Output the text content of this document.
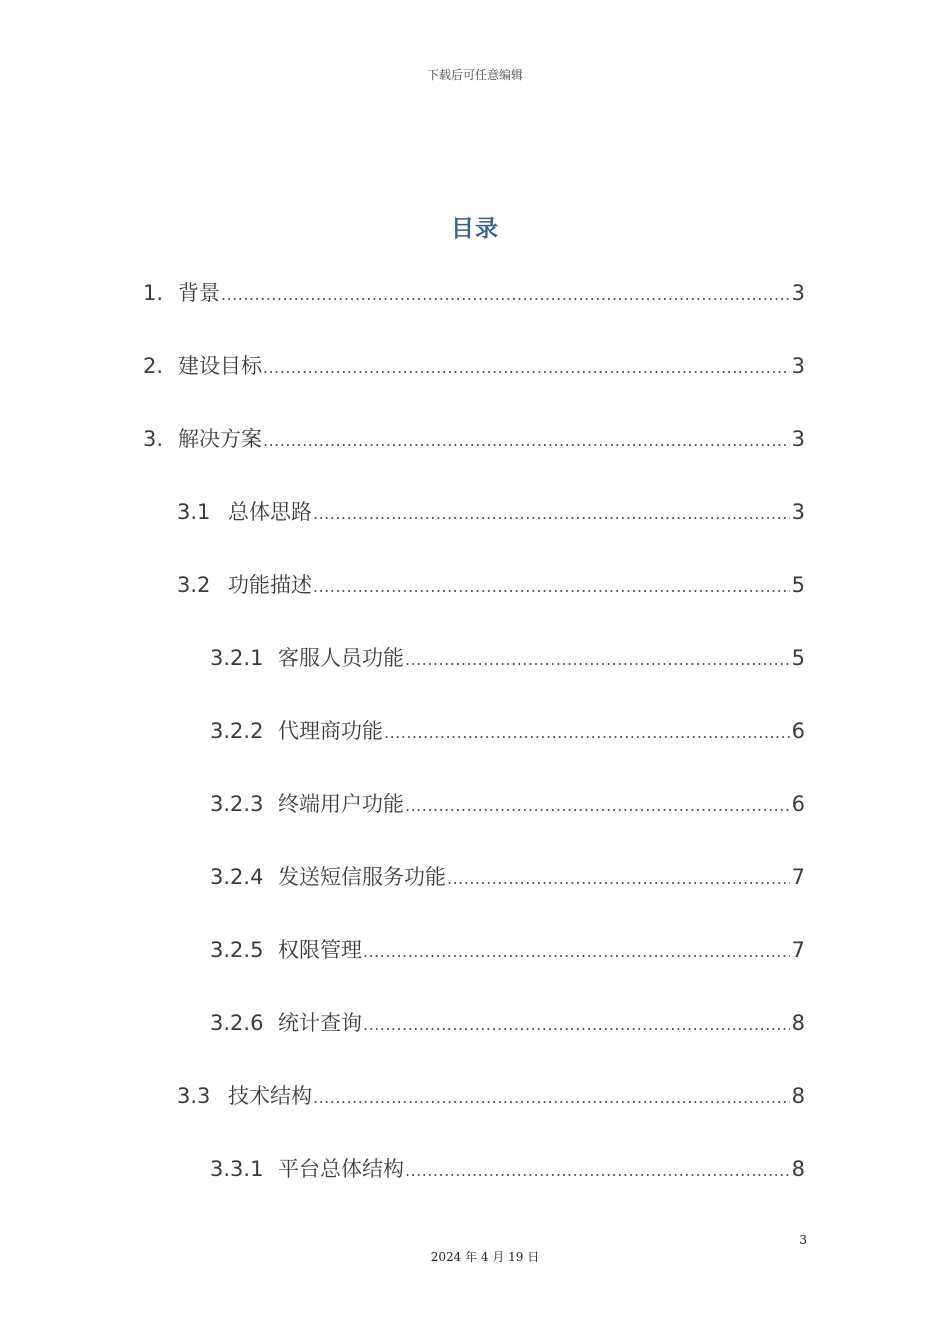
下载后可任意编辑
目录
1. 背景 .....	3
2. 建设目标 .....	3
3. 解决方案 .....	3
3.1 总体思路 .....	3
3.2 功能描述 .....	5
3.2.1 客服人员功能 .....	5
3.2.2 代理商功能 .....	6
3.2.3 终端用户功能 .....	6
3.2.4 发送短信服务功能 .....	7
3.2.5 权限管理 .....	7
3.2.6 统计查询 .....	8
3.3 技术结构 .....	8
3.3.1 平台总体结构 .....	8
3
2024 年 4 月 19 日
